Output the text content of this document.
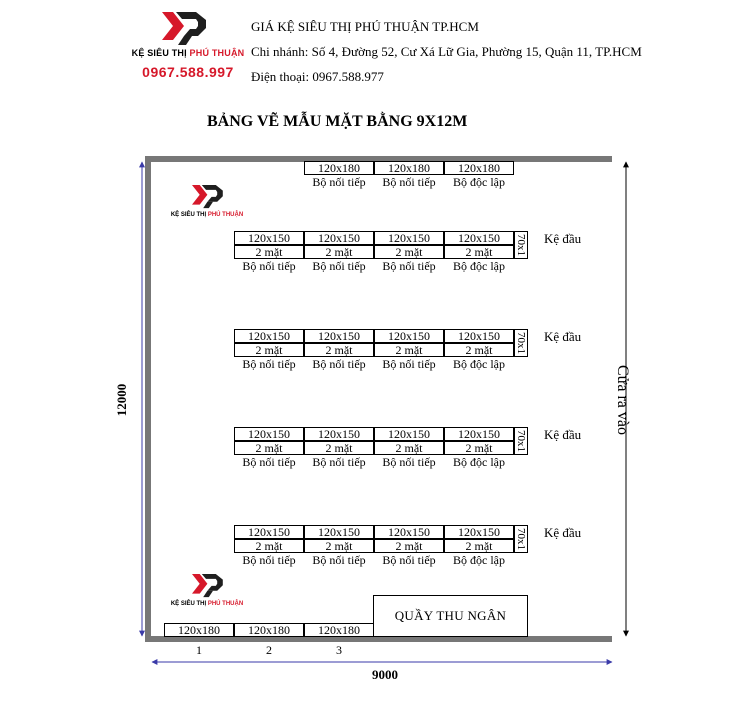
KỆ SIÊU THỊ PHÚ THUẬN
0967.588.997
GIÁ KỆ SIÊU THỊ PHÚ THUẬN TP.HCM
Chi nhánh: Số 4, Đường 52, Cư Xá Lữ Gia, Phường 15, Quận 11, TP.HCM
Điện thoại: 0967.588.977
BẢNG VẼ MẪU MẶT BẰNG 9X12M
12000
9000
Cửa ra vào
KỆ SIÊU THỊ PHÚ THUẬN
KỆ SIÊU THỊ PHÚ THUẬN
120x180	120x180	120x180
Bộ nối tiếp	Bộ nối tiếp	Bộ độc lập
120x150	120x150	120x150	120x150
2 mặt	2 mặt	2 mặt	2 mặt	70x1
Bộ nối tiếp	Bộ nối tiếp	Bộ nối tiếp	Bộ độc lập
Kệ đầu
120x150	120x150	120x150	120x150
2 mặt	2 mặt	2 mặt	2 mặt	70x1
Bộ nối tiếp	Bộ nối tiếp	Bộ nối tiếp	Bộ độc lập
Kệ đầu
120x150	120x150	120x150	120x150
2 mặt	2 mặt	2 mặt	2 mặt	70x1
Bộ nối tiếp	Bộ nối tiếp	Bộ nối tiếp	Bộ độc lập
Kệ đầu
120x150	120x150	120x150	120x150
2 mặt	2 mặt	2 mặt	2 mặt	70x1
Bộ nối tiếp	Bộ nối tiếp	Bộ nối tiếp	Bộ độc lập
Kệ đầu
120x180	120x180	120x180
1	2	3
QUẦY THU NGÂN
